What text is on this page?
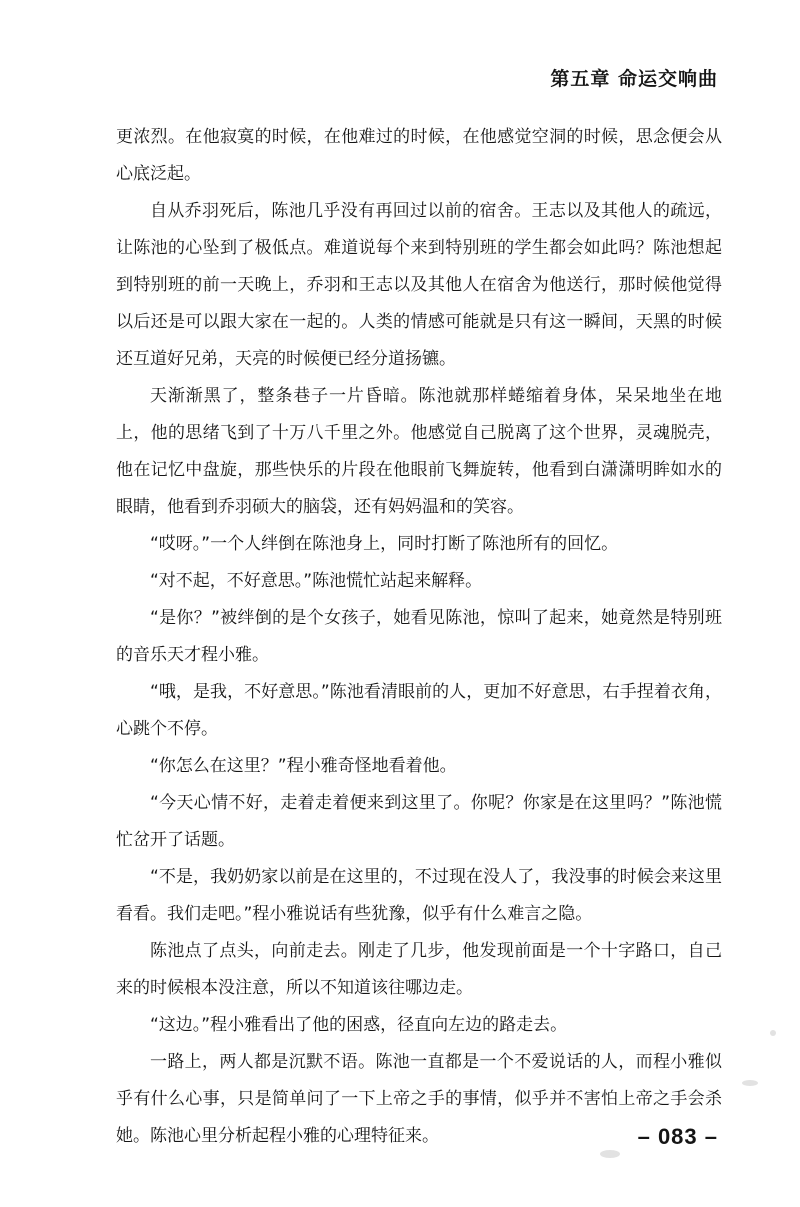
第五章 命运交响曲

更浓烈。在他寂寞的时候，在他难过的时候，在他感觉空洞的时候，思念便会从心底泛起。

自从乔羽死后，陈池几乎没有再回过以前的宿舍。王志以及其他人的疏远，让陈池的心坠到了极低点。难道说每个来到特别班的学生都会如此吗？陈池想起到特别班的前一天晚上，乔羽和王志以及其他人在宿舍为他送行，那时候他觉得以后还是可以跟大家在一起的。人类的情感可能就是只有这一瞬间，天黑的时候还互道好兄弟，天亮的时候便已经分道扬镳。

天渐渐黑了，整条巷子一片昏暗。陈池就那样蜷缩着身体，呆呆地坐在地上，他的思绪飞到了十万八千里之外。他感觉自己脱离了这个世界，灵魂脱壳，他在记忆中盘旋，那些快乐的片段在他眼前飞舞旋转，他看到白潇潇明眸如水的眼睛，他看到乔羽硕大的脑袋，还有妈妈温和的笑容。

“哎呀。”一个人绊倒在陈池身上，同时打断了陈池所有的回忆。

“对不起，不好意思。”陈池慌忙站起来解释。

“是你？”被绊倒的是个女孩子，她看见陈池，惊叫了起来，她竟然是特别班的音乐天才程小雅。

“哦，是我，不好意思。”陈池看清眼前的人，更加不好意思，右手捏着衣角，心跳个不停。

“你怎么在这里？”程小雅奇怪地看着他。

“今天心情不好，走着走着便来到这里了。你呢？你家是在这里吗？”陈池慌忙岔开了话题。

“不是，我奶奶家以前是在这里的，不过现在没人了，我没事的时候会来这里看看。我们走吧。”程小雅说话有些犹豫，似乎有什么难言之隐。

陈池点了点头，向前走去。刚走了几步，他发现前面是一个十字路口，自己来的时候根本没注意，所以不知道该往哪边走。

“这边。”程小雅看出了他的困惑，径直向左边的路走去。

一路上，两人都是沉默不语。陈池一直都是一个不爱说话的人，而程小雅似乎有什么心事，只是简单问了一下上帝之手的事情，似乎并不害怕上帝之手会杀她。陈池心里分析起程小雅的心理特征来。	– 083 –
